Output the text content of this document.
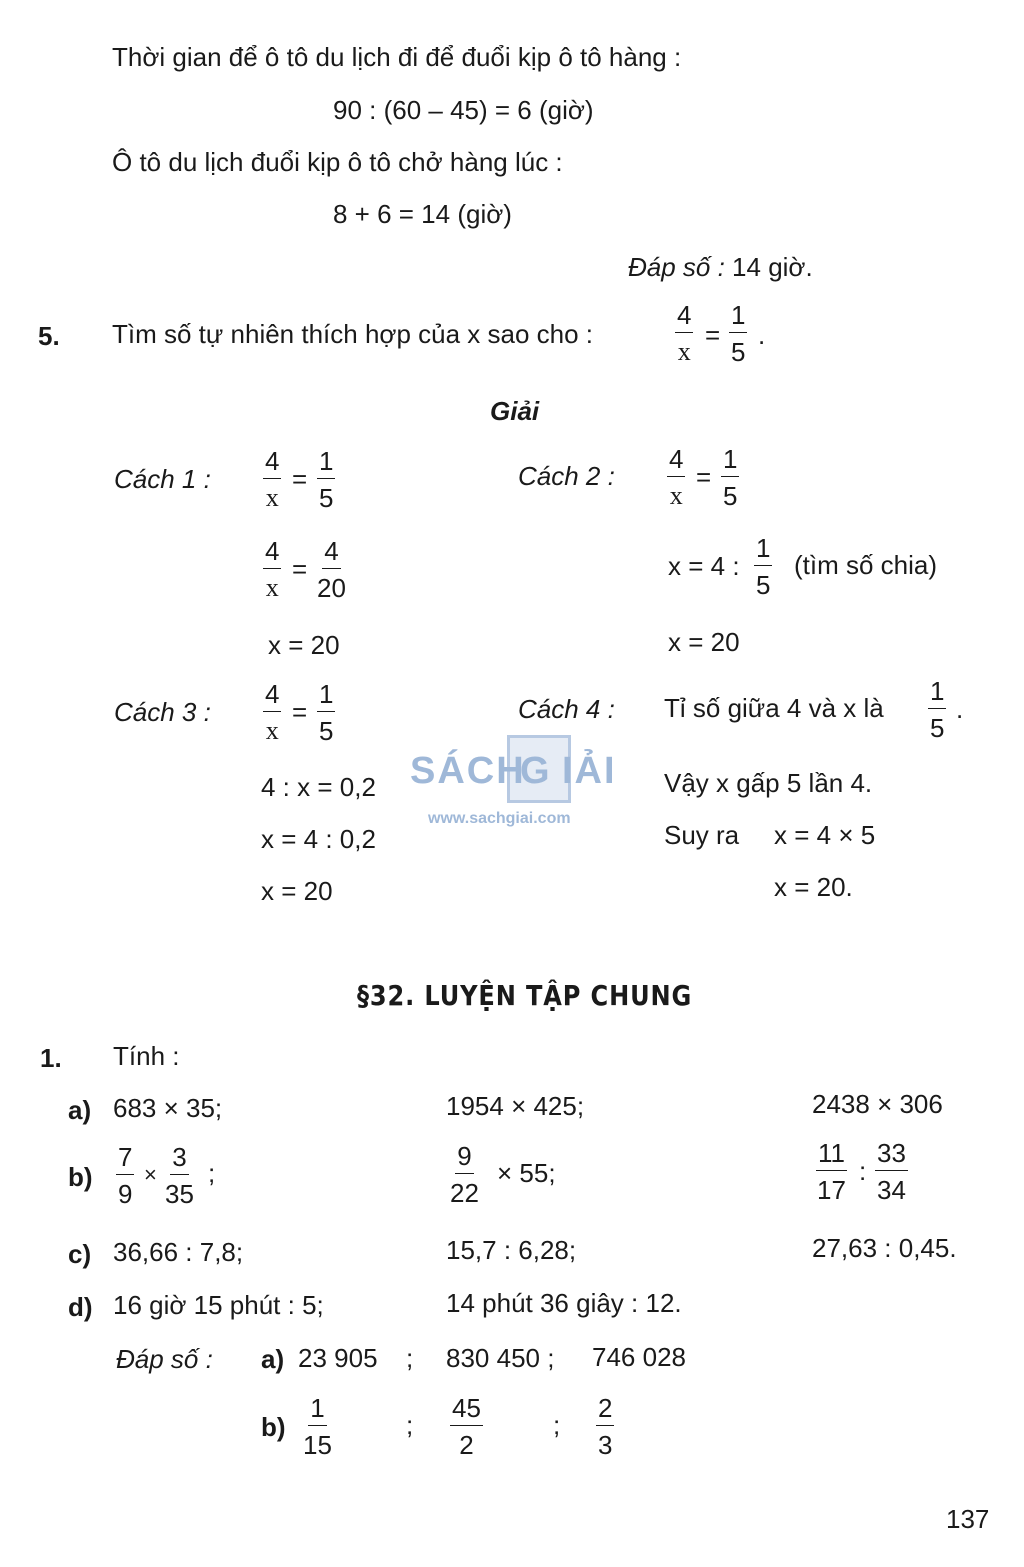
Thời gian để ô tô du lịch đi để đuổi kịp ô tô hàng :
90 : (60 – 45) = 6 (giờ)
Ô tô du lịch đuổi kịp ô tô chở hàng lúc :
8 + 6 = 14 (giờ)
Đáp số : 14 giờ.
5. Tìm số tự nhiên thích hợp của x sao cho :	$\frac{4}{x} = \frac{1}{5}$ .
Giải
Cách 1 : $\frac{4}{x} = \frac{1}{5}$
$\frac{4}{x} = \frac{4}{20}$
x = 20
Cách 2 : $\frac{4}{x} = \frac{1}{5}$
x = 4 : $\frac{1}{5}$ (tìm số chia)
x = 20
Cách 3 : $\frac{4}{x} = \frac{1}{5}$
4 : x = 0,2
x = 4 : 0,2
x = 20
Cách 4 : Tỉ số giữa 4 và x là $\frac{1}{5}$ .
Vậy x gấp 5 lần 4.
Suy ra x = 4 × 5
x = 20.
SÁCH
G IẢI
www.sachgiai.com
§32. LUYỆN TẬP CHUNG
1. Tính :
a) 683 × 35;	1954 × 425;	2438 × 306
$b) \frac{7}{9} \times \frac{3}{35}$ ;	$\frac{9}{22} \times 55$;	$\frac{11}{17}$ : $\frac{33}{34}$
c) 36,66 : 7,8;	15,7 : 6,28;	27,63 : 0,45.
d) 16 giờ 15 phút : 5;	14 phút 36 giây : 12.
Đáp số : a) 23 905 ; 830 450 ; 746 028
$b) \frac{1}{15}$	; $\frac{45}{2}$	; $\frac{2}{3}$
137
